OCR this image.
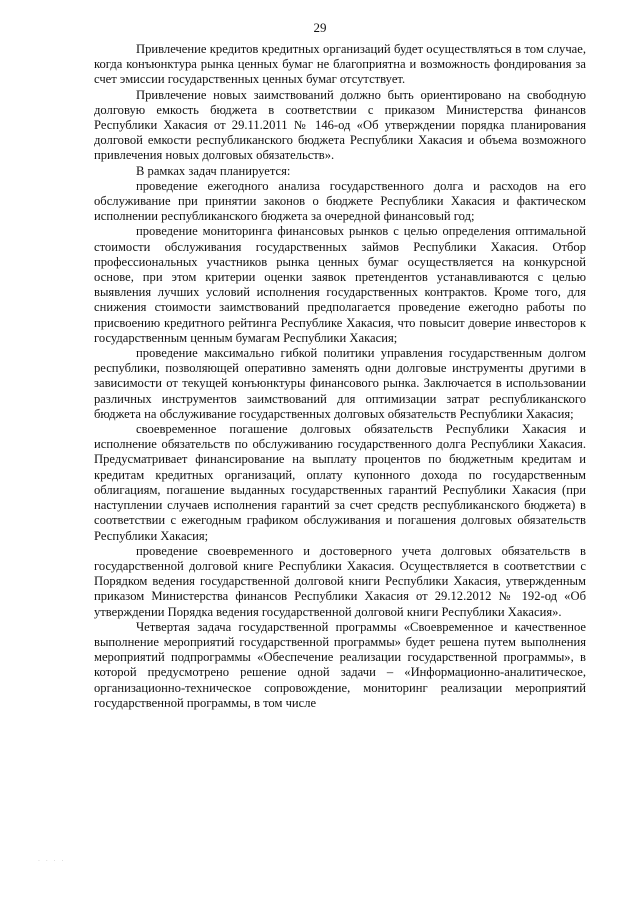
29

Привлечение кредитов кредитных организаций будет осуществляться в том случае, когда конъюнктура рынка ценных бумаг не благоприятна и возможность фондирования за счет эмиссии государственных ценных бумаг отсутствует.

Привлечение новых заимствований должно быть ориентировано на свободную долговую емкость бюджета в соответствии с приказом Министерства финансов Республики Хакасия от 29.11.2011 № 146-од «Об утверждении порядка планирования долговой емкости республиканского бюджета Республики Хакасия и объема возможного привлечения новых долговых обязательств».

В рамках задач планируется:

проведение ежегодного анализа государственного долга и расходов на его обслуживание при принятии законов о бюджете Республики Хакасия и фактическом исполнении республиканского бюджета за очередной финансовый год;

проведение мониторинга финансовых рынков с целью определения оптимальной стоимости обслуживания государственных займов Республики Хакасия. Отбор профессиональных участников рынка ценных бумаг осуществляется на конкурсной основе, при этом критерии оценки заявок претендентов устанавливаются с целью выявления лучших условий исполнения государственных контрактов. Кроме того, для снижения стоимости заимствований предполагается проведение ежегодно работы по присвоению кредитного рейтинга Республике Хакасия, что повысит доверие инвесторов к государственным ценным бумагам Республики Хакасия;

проведение максимально гибкой политики управления государственным долгом республики, позволяющей оперативно заменять одни долговые инструменты другими в зависимости от текущей конъюнктуры финансового рынка. Заключается в использовании различных инструментов заимствований для оптимизации затрат республиканского бюджета на обслуживание государственных долговых обязательств Республики Хакасия;

своевременное погашение долговых обязательств Республики Хакасия и исполнение обязательств по обслуживанию государственного долга Республики Хакасия. Предусматривает финансирование на выплату процентов по бюджетным кредитам и кредитам кредитных организаций, оплату купонного дохода по государственным облигациям, погашение выданных государственных гарантий Республики Хакасия (при наступлении случаев исполнения гарантий за счет средств республиканского бюджета) в соответствии с ежегодным графиком обслуживания и погашения долговых обязательств Республики Хакасия;

проведение своевременного и достоверного учета долговых обязательств в государственной долговой книге Республики Хакасия. Осуществляется в соответствии с Порядком ведения государственной долговой книги Республики Хакасия, утвержденным приказом Министерства финансов Республики Хакасия от 29.12.2012 № 192-од «Об утверждении Порядка ведения государственной долговой книги Республики Хакасия».

Четвертая задача государственной программы «Своевременное и качественное выполнение мероприятий государственной программы» будет решена путем выполнения мероприятий подпрограммы «Обеспечение реализации государственной программы», в которой предусмотрено решение одной задачи – «Информационно-аналитическое, организационно-техническое сопровождение, мониторинг реализации мероприятий государственной программы, в том числе

· · · ·
